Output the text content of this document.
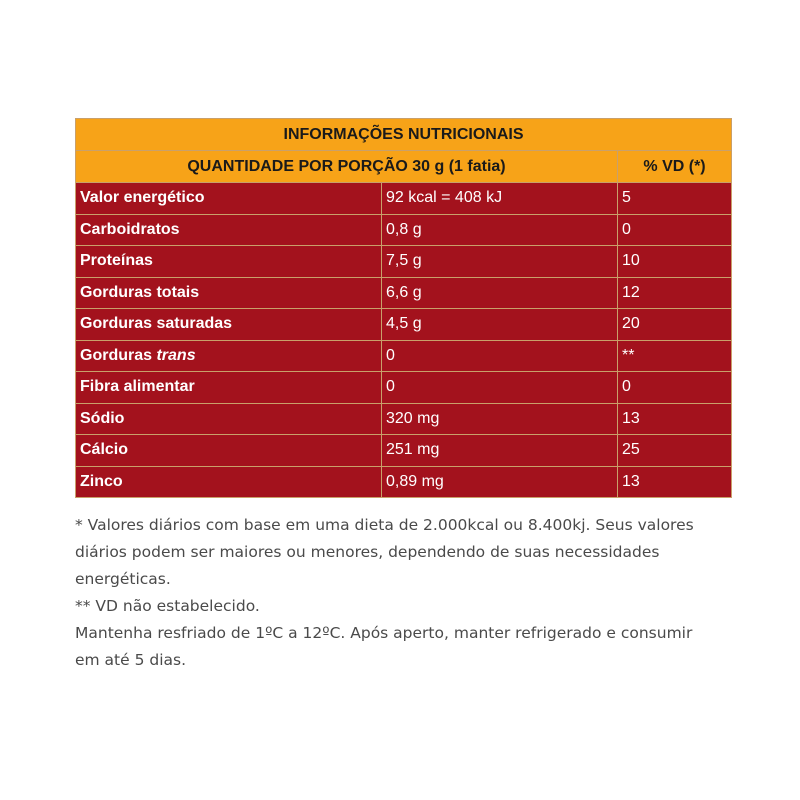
INFORMAÇÕES NUTRICIONAIS		
QUANTIDADE POR PORÇÃO 30 g (1 fatia)		% VD (*)
Valor energético	92 kcal = 408 kJ	5
Carboidratos	0,8 g	0
Proteínas	7,5 g	10
Gorduras totais	6,6 g	12
Gorduras saturadas	4,5 g	20
Gorduras trans	0	**
Fibra alimentar	0	0
Sódio	320 mg	13
Cálcio	251 mg	25
Zinco	0,89 mg	13

* Valores diários com base em uma dieta de 2.000kcal ou 8.400kj. Seus valores diários podem ser maiores ou menores, dependendo de suas necessidades energéticas.

** VD não estabelecido.

Mantenha resfriado de 1ºC a 12ºC. Após aperto, manter refrigerado e consumir em até 5 dias.
